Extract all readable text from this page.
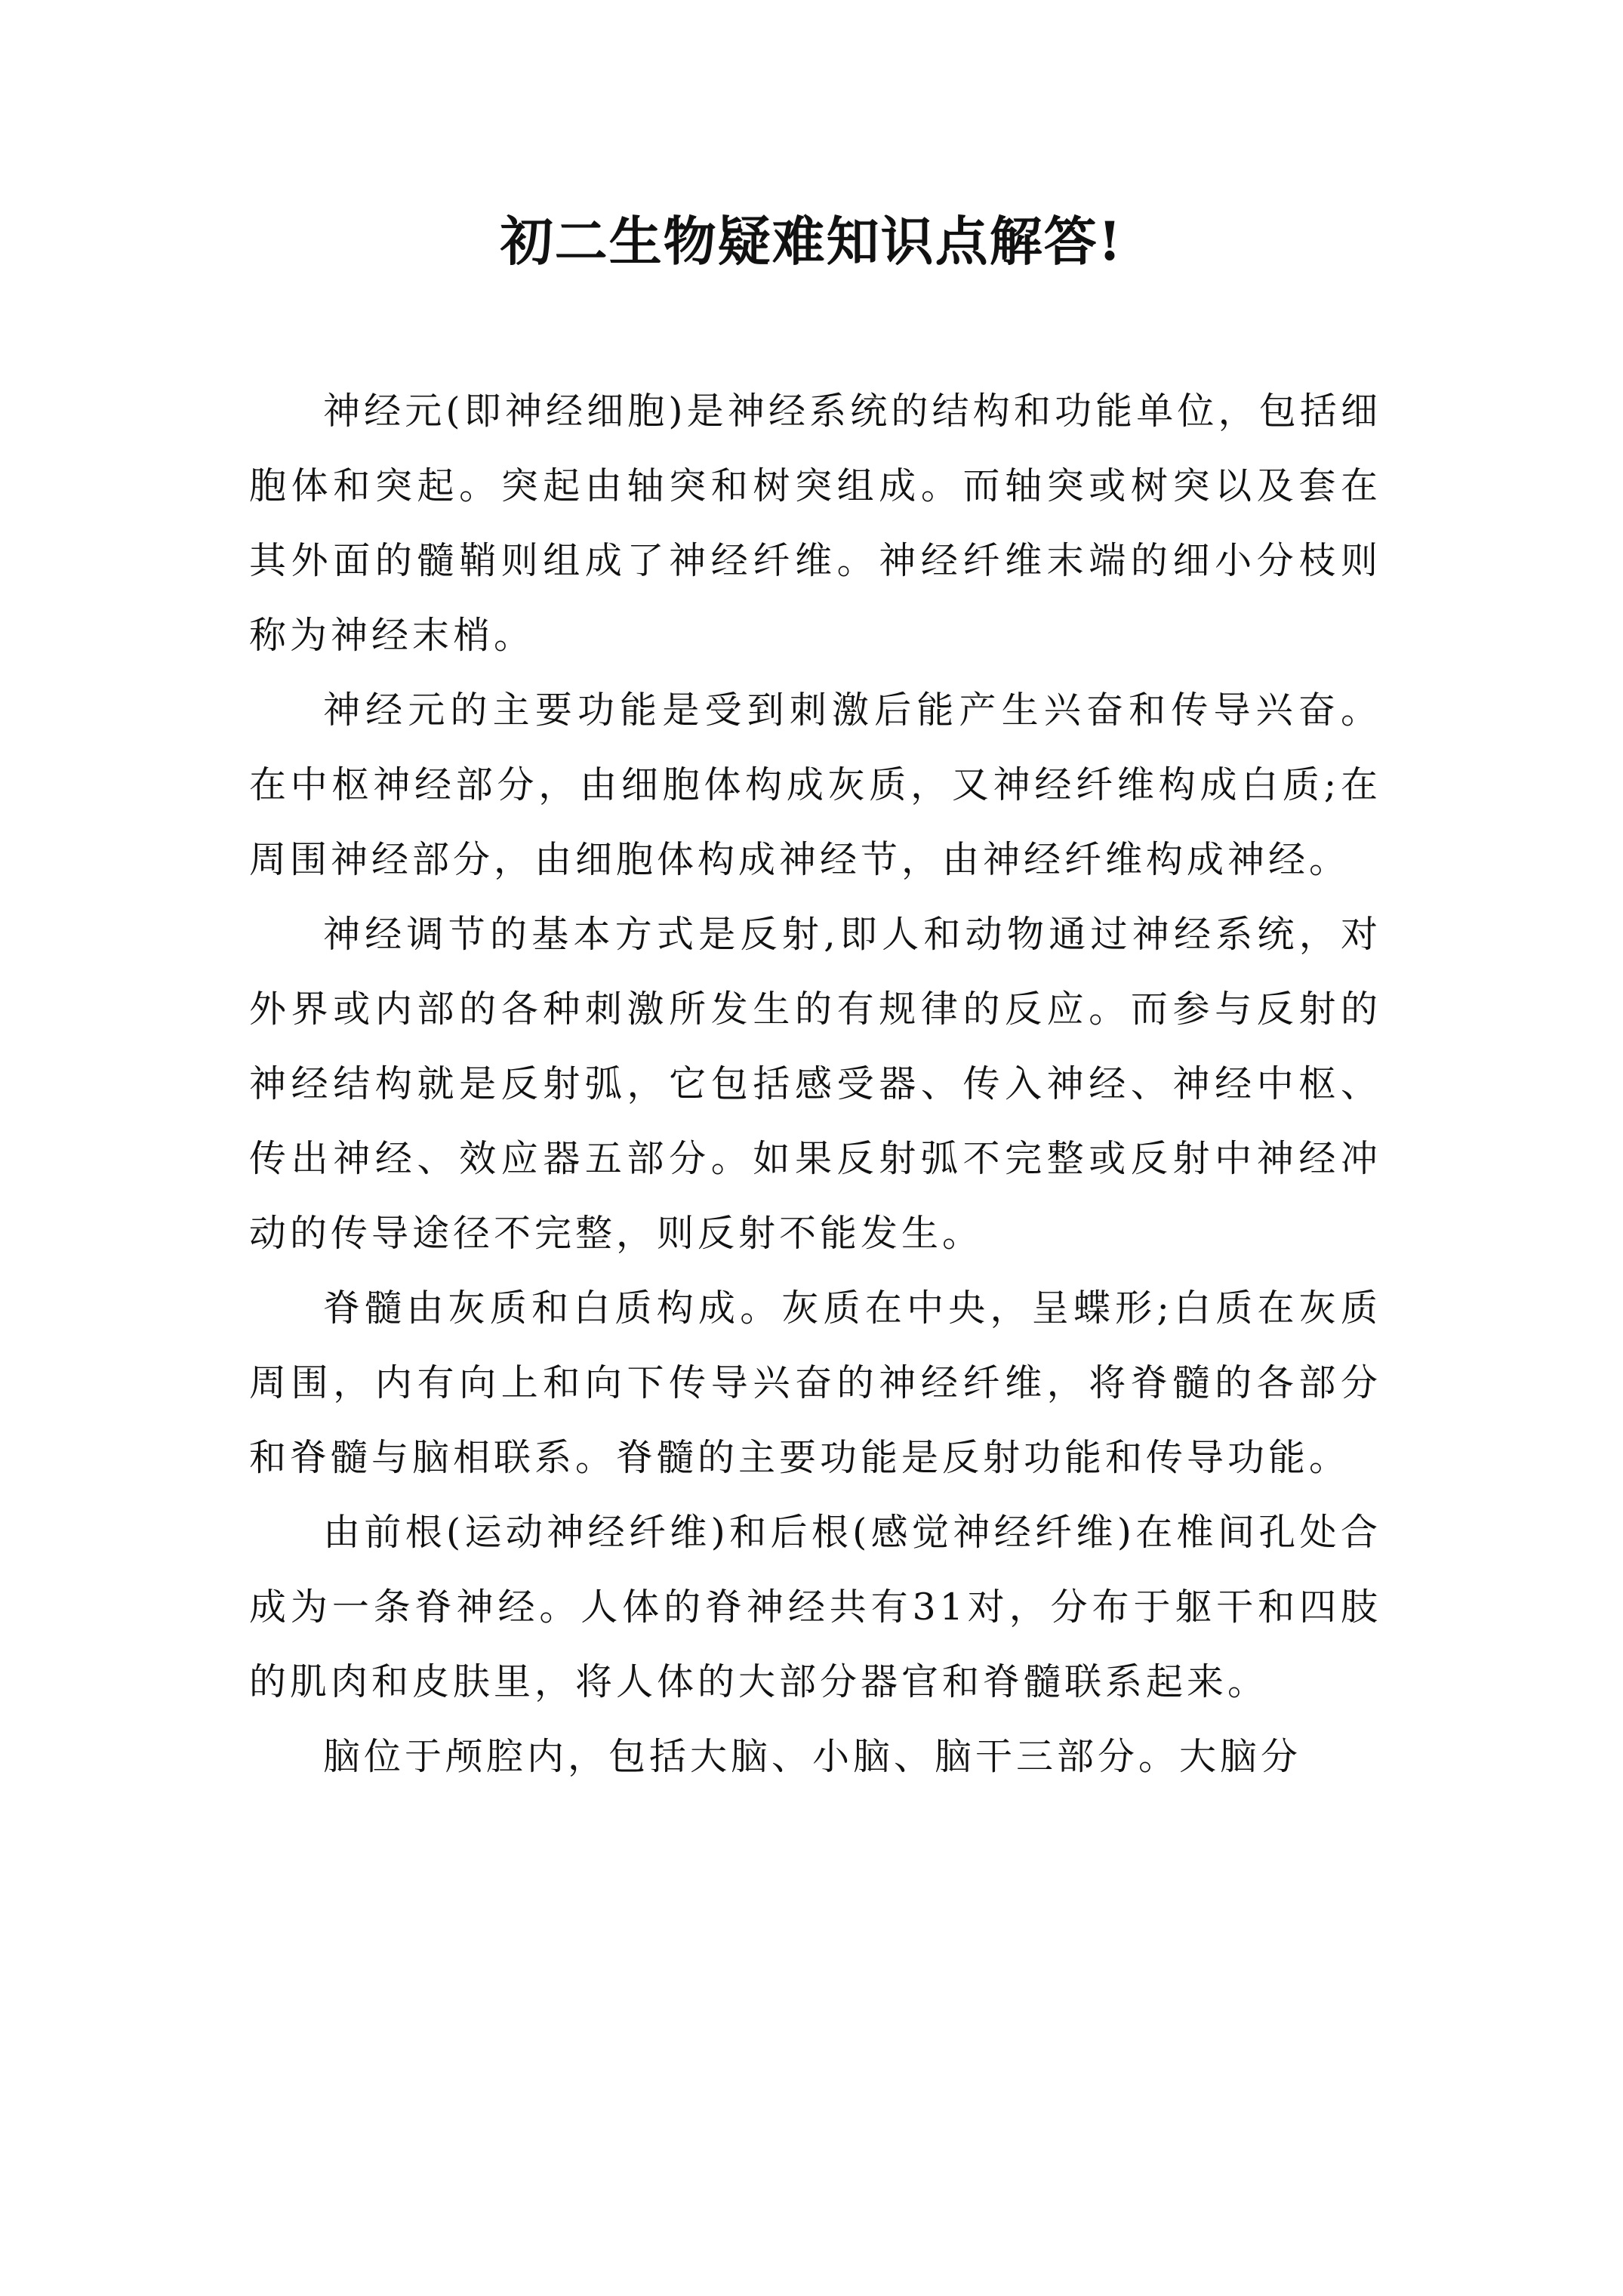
初二生物疑难知识点解答!

神经元(即神经细胞)是神经系统的结构和功能单位，包括细胞体和突起。突起由轴突和树突组成。而轴突或树突以及套在其外面的髓鞘则组成了神经纤维。神经纤维末端的细小分枝则称为神经末梢。

神经元的主要功能是受到刺激后能产生兴奋和传导兴奋。在中枢神经部分，由细胞体构成灰质，又神经纤维构成白质;在周围神经部分，由细胞体构成神经节，由神经纤维构成神经。

神经调节的基本方式是反射,即人和动物通过神经系统，对外界或内部的各种刺激所发生的有规律的反应。而参与反射的神经结构就是反射弧，它包括感受器、传入神经、神经中枢、传出神经、效应器五部分。如果反射弧不完整或反射中神经冲动的传导途径不完整，则反射不能发生。

脊髓由灰质和白质构成。灰质在中央，呈蝶形;白质在灰质周围，内有向上和向下传导兴奋的神经纤维，将脊髓的各部分和脊髓与脑相联系。脊髓的主要功能是反射功能和传导功能。

由前根(运动神经纤维)和后根(感觉神经纤维)在椎间孔处合成为一条脊神经。人体的脊神经共有31对，分布于躯干和四肢的肌肉和皮肤里，将人体的大部分器官和脊髓联系起来。

脑位于颅腔内，包括大脑、小脑、脑干三部分。大脑分
